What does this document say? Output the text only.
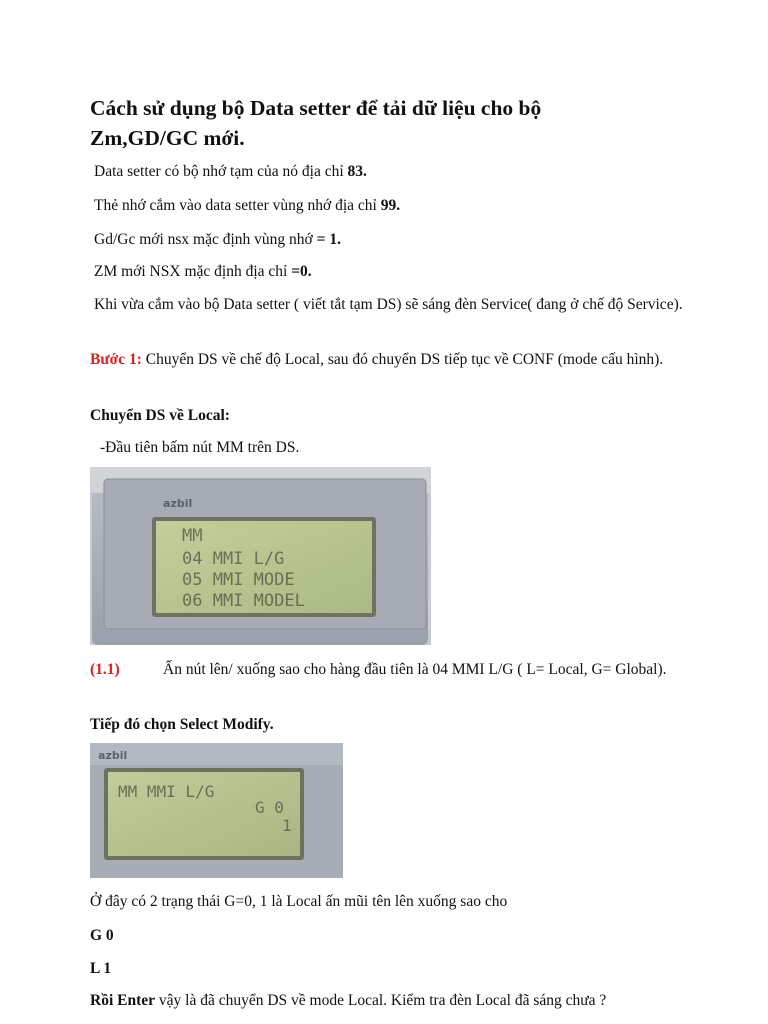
Cách sử dụng bộ Data setter để tải dữ liệu cho bộ Zm,GD/GC mới.

Data setter có bộ nhớ tạm của nó địa chỉ 83.

Thẻ nhớ cắm vào data setter vùng nhớ địa chỉ 99.

Gd/Gc mới nsx mặc định vùng nhớ = 1.

ZM mới NSX mặc định địa chỉ =0.

Khi vừa cắm vào bộ Data setter ( viết tắt tạm DS) sẽ sáng đèn Service( đang ở chế độ Service).

Bước 1: Chuyển DS về chế độ Local, sau đó chuyển DS tiếp tục về CONF (mode cấu hình).

Chuyển DS về Local:

-Đầu tiên bấm nút MM trên DS.

azbil
MM
04 MMI L/G
05 MMI MODE
06 MMI MODEL
(1.1)	Ấn nút lên/ xuống sao cho hàng đầu tiên là 04 MMI L/G ( L= Local, G= Global).

Tiếp đó chọn Select Modify.

azbil
MM MMI L/G
G 0
1

Ở đây có 2 trạng thái G=0, 1 là Local ấn mũi tên lên xuống sao cho

G 0

L 1

Rồi Enter vậy là đã chuyển DS về mode Local. Kiểm tra đèn Local đã sáng chưa ?
